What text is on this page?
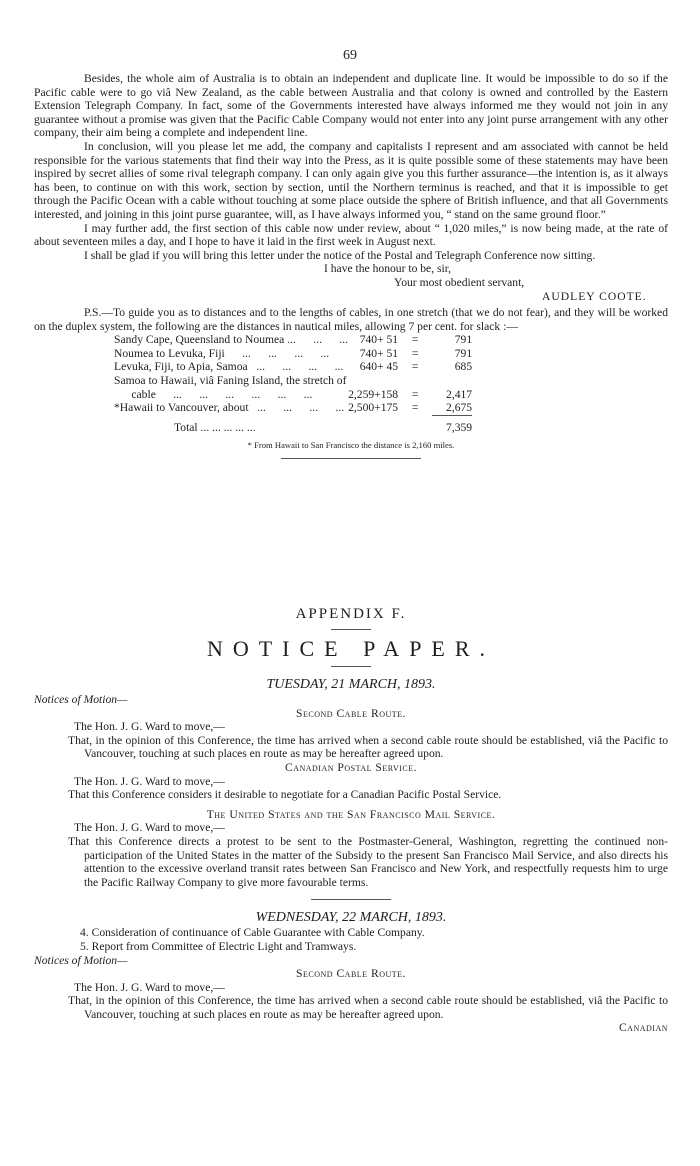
69

Besides, the whole aim of Australia is to obtain an independent and duplicate line. It would be impossible to do so if the Pacific cable were to go viâ New Zealand, as the cable between Australia and that colony is owned and controlled by the Eastern Extension Telegraph Company. In fact, some of the Governments interested have always informed me they would not join in any guarantee without a promise was given that the Pacific Cable Company would not enter into any joint purse arrangement with any other company, their aim being a complete and independent line.

In conclusion, will you please let me add, the company and capitalists I represent and am associated with cannot be held responsible for the various statements that find their way into the Press, as it is quite possible some of these statements may have been inspired by secret allies of some rival telegraph company. I can only again give you this further assurance—the intention is, as it always has been, to continue on with this work, section by section, until the Northern terminus is reached, and that it is impossible to get through the Pacific Ocean with a cable without touching at some place outside the sphere of British influence, and that all Governments interested, and joining in this joint purse guarantee, will, as I have always informed you, “ stand on the same ground floor.”

I may further add, the first section of this cable now under review, about “ 1,020 miles,” is now being made, at the rate of about seventeen miles a day, and I hope to have it laid in the first week in August next.

I shall be glad if you will bring this letter under the notice of the Postal and Telegraph Conference now sitting.

I have the honour to be, sir,
Your most obedient servant,
AUDLEY COOTE.

P.S.—To guide you as to distances and to the lengths of cables, in one stretch (that we do not fear), and they will be worked on the duplex system, the following are the distances in nautical miles, allowing 7 per cent. for slack :—

Sandy Cape, Queensland to Noumea ...      ...      ...	740+ 51	=	791
Noumea to Levuka, Fiji      ...      ...      ...      ...	740+ 51	=	791
Levuka, Fiji, to Apia, Samoa   ...      ...      ...      ...	640+ 45	=	685
Samoa to Hawaii, viâ Faning Island, the stretch of			
cable      ...      ...      ...      ...      ...      ...	2,259+158	=	2,417
*Hawaii to Vancouver, about   ...      ...      ...      ...	2,500+175	=	2,675
Total ... ... ... ... ...			7,359
* From Hawaii to San Francisco the distance is 2,160 miles.
APPENDIX F.
NOTICE PAPER.
TUESDAY, 21 MARCH, 1893.
Notices of Motion—
Second Cable Route.
The Hon. J. G. Ward to move,—

That, in the opinion of this Conference, the time has arrived when a second cable route should be established, viâ the Pacific to Vancouver, touching at such places en route as may be hereafter agreed upon.

Canadian Postal Service.
The Hon. J. G. Ward to move,—

That this Conference considers it desirable to negotiate for a Canadian Pacific Postal Service.

The United States and the San Francisco Mail Service.
The Hon. J. G. Ward to move,—

That this Conference directs a protest to be sent to the Postmaster-General, Washington, regretting the continued non-participation of the United States in the matter of the Subsidy to the present San Francisco Mail Service, and also directs his attention to the excessive overland transit rates between San Francisco and New York, and respectfully requests him to urge the Pacific Railway Company to give more favourable terms.

WEDNESDAY, 22 MARCH, 1893.
4. Consideration of continuance of Cable Guarantee with Cable Company.
5. Report from Committee of Electric Light and Tramways.
Notices of Motion—
Second Cable Route.
The Hon. J. G. Ward to move,—

That, in the opinion of this Conference, the time has arrived when a second cable route should be established, viâ the Pacific to Vancouver, touching at such places en route as may be hereafter agreed upon.

Canadian
